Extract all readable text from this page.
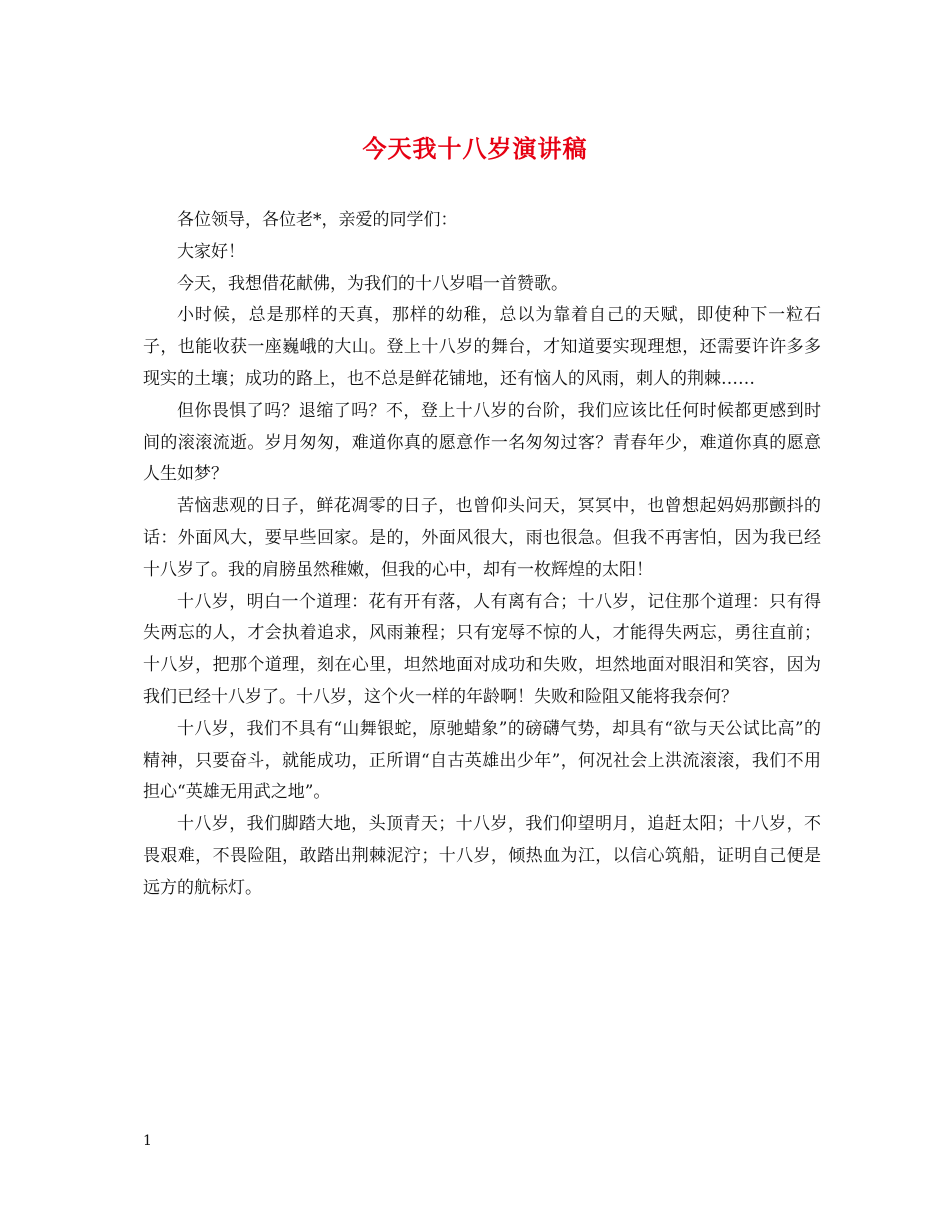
今天我十八岁演讲稿

各位领导，各位老*，亲爱的同学们：

大家好！

今天，我想借花献佛，为我们的十八岁唱一首赞歌。

小时候，总是那样的天真，那样的幼稚，总以为靠着自己的天赋，即使种下一粒石子，也能收获一座巍峨的大山。登上十八岁的舞台，才知道要实现理想，还需要许许多多现实的土壤；成功的路上，也不总是鲜花铺地，还有恼人的风雨，刺人的荆棘……

但你畏惧了吗？退缩了吗？不，登上十八岁的台阶，我们应该比任何时候都更感到时间的滚滚流逝。岁月匆匆，难道你真的愿意作一名匆匆过客？青春年少，难道你真的愿意人生如梦？

苦恼悲观的日子，鲜花凋零的日子，也曾仰头问天，冥冥中，也曾想起妈妈那颤抖的话：外面风大，要早些回家。是的，外面风很大，雨也很急。但我不再害怕，因为我已经十八岁了。我的肩膀虽然稚嫩，但我的心中，却有一枚辉煌的太阳！

十八岁，明白一个道理：花有开有落，人有离有合；十八岁，记住那个道理：只有得失两忘的人，才会执着追求，风雨兼程；只有宠辱不惊的人，才能得失两忘，勇往直前；十八岁，把那个道理，刻在心里，坦然地面对成功和失败，坦然地面对眼泪和笑容，因为我们已经十八岁了。十八岁，这个火一样的年龄啊！失败和险阻又能将我奈何？

十八岁，我们不具有“山舞银蛇，原驰蜡象”的磅礴气势，却具有“欲与天公试比高”的精神，只要奋斗，就能成功，正所谓“自古英雄出少年”，何况社会上洪流滚滚，我们不用担心“英雄无用武之地”。

十八岁，我们脚踏大地，头顶青天；十八岁，我们仰望明月，追赶太阳；十八岁，不畏艰难，不畏险阻，敢踏出荆棘泥泞；十八岁，倾热血为江，以信心筑船，证明自己便是远方的航标灯。

1
